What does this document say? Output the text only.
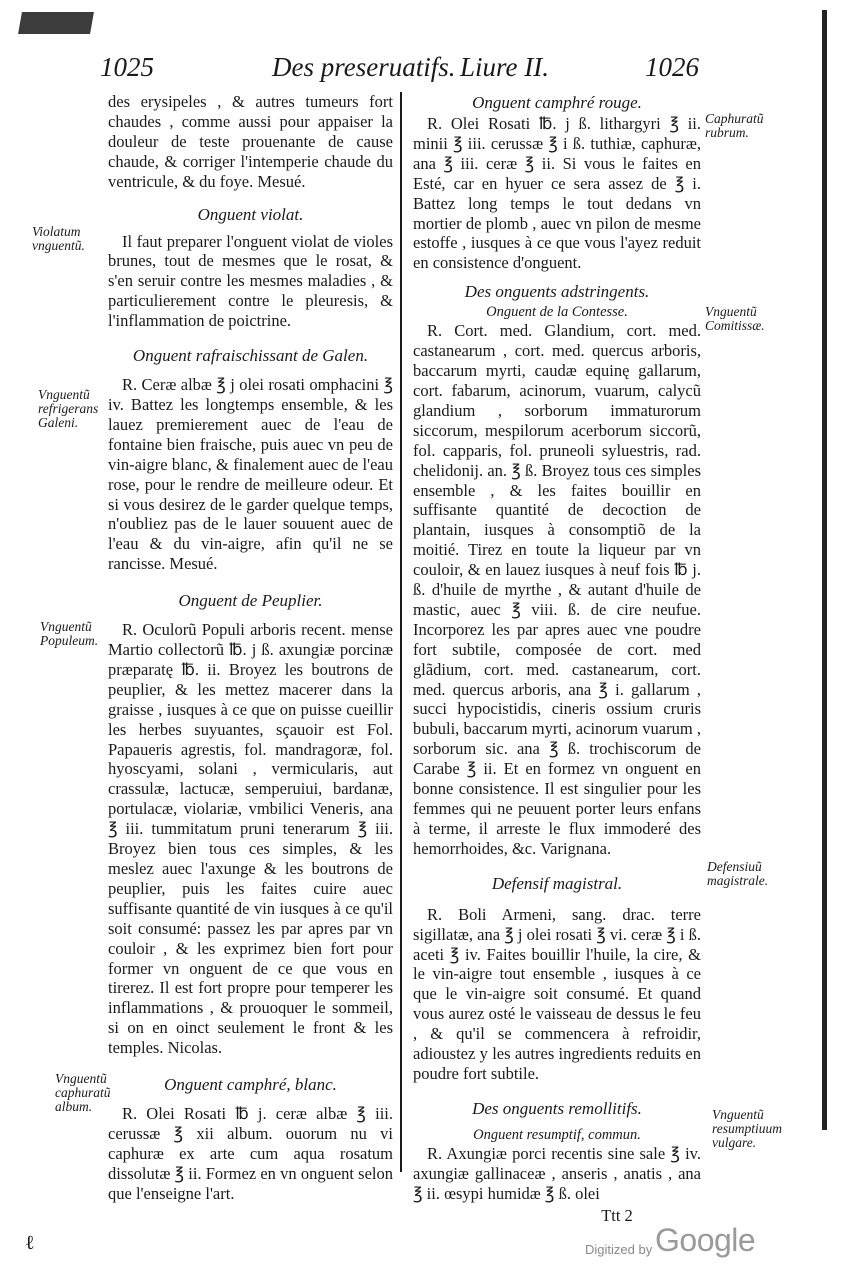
1025	Des preseruatifs. Liure II.	1026

des erysipeles , & autres tumeurs fort chaudes , comme aussi pour appaiser la douleur de teste prouenante de cause chaude, & corriger l'intemperie chaude du ventricule, & du foye. Mesué.

Onguent violat.

Il faut preparer l'onguent violat de violes brunes, tout de mesmes que le rosat, & s'en seruir contre les mesmes maladies , & particulierement contre le pleuresis, & l'inflammation de poictrine.

Onguent rafraischissant de Galen.

R. Ceræ albæ ℥ j olei rosati omphacini ℥ iv. Battez les longtemps ensemble, & les lauez premierement auec de l'eau de fontaine bien fraische, puis auec vn peu de vin-aigre blanc, & finalement auec de l'eau rose, pour le rendre de meilleure odeur. Et si vous desirez de le garder quelque temps, n'oubliez pas de le lauer souuent auec de l'eau & du vin-aigre, afin qu'il ne se rancisse. Mesué.

Onguent de Peuplier.

R. Oculorũ Populi arboris recent. mense Martio collectorũ ℔. j ß. axungiæ porcinæ præparatę ℔. ii. Broyez les boutrons de peuplier, & les mettez macerer dans la graisse , iusques à ce que on puisse cueillir les herbes suyuantes, sçauoir est Fol. Papaueris agrestis, fol. mandragoræ, fol. hyoscyami, solani , vermicularis, aut crassulæ, lactucæ, semperuiui, bardanæ, portulacæ, violariæ, vmbilici Veneris, ana ℥ iii. tummitatum pruni tenerarum ℥ iii. Broyez bien tous ces simples, & les meslez auec l'axunge & les boutrons de peuplier, puis les faites cuire auec suffisante quantité de vin iusques à ce qu'il soit consumé: passez les par apres par vn couloir , & les exprimez bien fort pour former vn onguent de ce que vous en tirerez. Il est fort propre pour temperer les inflammations , & prouoquer le sommeil, si on en oinct seulement le front & les temples. Nicolas.

Onguent camphré, blanc.

R. Olei Rosati ℔ j. ceræ albæ ℥ iii. cerussæ ℥ xii album. ouorum nu vi caphuræ ex arte cum aqua rosatum dissolutæ ℥ ii. Formez en vn onguent selon que l'enseigne l'art.

Onguent camphré rouge.

R. Olei Rosati ℔. j ß. lithargyri ℥ ii. minii ℥ iii. cerussæ ℥ i ß. tuthiæ, caphuræ, ana ℥ iii. ceræ ℥ ii. Si vous le faites en Esté, car en hyuer ce sera assez de ℥ i. Battez long temps le tout dedans vn mortier de plomb , auec vn pilon de mesme estoffe , iusques à ce que vous l'ayez reduit en consistence d'onguent.

Des onguents adstringents.
Onguent de la Contesse.

R. Cort. med. Glandium, cort. med. castanearum , cort. med. quercus arboris, baccarum myrti, caudæ equinę gallarum, cort. fabarum, acinorum, vuarum, calycũ glandium , sorborum immaturorum siccorum, mespilorum acerborum siccorũ, fol. capparis, fol. pruneoli syluestris, rad. chelidonij. an. ℥ ß. Broyez tous ces simples ensemble , & les faites bouillir en suffisante quantité de decoction de plantain, iusques à consomptiõ de la moitié. Tirez en toute la liqueur par vn couloir, & en lauez iusques à neuf fois ℔ j. ß. d'huile de myrthe , & autant d'huile de mastic, auec ℥ viii. ß. de cire neufue. Incorporez les par apres auec vne poudre fort subtile, composée de cort. med glãdium, cort. med. castanearum, cort. med. quercus arboris, ana ℥ i. gallarum , succi hypocistidis, cineris ossium cruris bubuli, baccarum myrti, acinorum vuarum , sorborum sic. ana ℥ ß. trochiscorum de Carabe ℥ ii. Et en formez vn onguent en bonne consistence. Il est singulier pour les femmes qui ne peuuent porter leurs enfans à terme, il arreste le flux immoderé des hemorrhoides, &c. Varignana.

Defensif magistral.

R. Boli Armeni, sang. drac. terre sigillatæ, ana ℥ j olei rosati ℥ vi. ceræ ℥ i ß. aceti ℥ iv. Faites bouillir l'huile, la cire, & le vin-aigre tout ensemble , iusques à ce que le vin-aigre soit consumé. Et quand vous aurez osté le vaisseau de dessus le feu , & qu'il se commencera à refroidir, adioustez y les autres ingredients reduits en poudre fort subtile.

Des onguents remollitifs.
Onguent resumptif, commun.

R. Axungiæ porci recentis sine sale ℥ iv. axungiæ gallinaceæ , anseris , anatis , ana ℥ ii. œsypi humidæ ℥ ß. olei

Ttt 2
Violatum
vnguentũ.
Vnguentũ
refrigerans
Galeni.
Vnguentũ
Populeum.
Vnguentũ
caphuratũ
album.
Caphuratũ
rubrum.
Vnguentũ
Comitissæ.
Defensiuũ
magistrale.
Vnguentũ
resumptiuum vulgare.
ℓ	Digitized by Google
